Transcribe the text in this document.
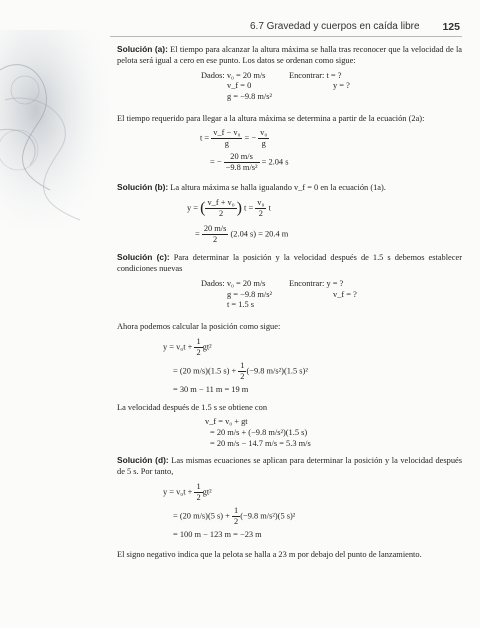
6.7 Gravedad y cuerpos en caída libre 125

Solución (a): El tiempo para alcanzar la altura máxima se halla tras reconocer que la velocidad de la pelota será igual a cero en ese punto. Los datos se ordenan como sigue:

Dados: v₀ = 20 m/s
v_f = 0
g = −9.8 m/s²
Encontrar: t = ?
y = ?

El tiempo requerido para llegar a la altura máxima se determina a partir de la ecuación (2a):

$t = \frac{\text{v\_f − v₀}}{g}$ = − $\frac{\text{v₀}}{g}$
= − $\frac{20 m/s}{\text{−9.8 m/s²}} = 2.04$ s

Solución (b): La altura máxima se halla igualando v_f = 0 en la ecuación (1a).

y = ( $\frac{\text{v\_f + v₀}}{2}$ ) $t = \frac{\text{v₀}}{2}$ t
= $\frac{20 m/s}{2} (2.04$ s) = 20.4 m

Solución (c): Para determinar la posición y la velocidad después de 1.5 s debemos establecer condiciones nuevas

Dados: v₀ = 20 m/s
g = −9.8 m/s²
t = 1.5 s
Encontrar: y = ?
v_f = ?

Ahora podemos calcular la posición como sigue:

$y = v_0t + \frac{1}{2} gt^2$
= (20 m/s)(1.5 $s) + \frac{1}{2} (-9.8$ m/s²)(1.5 s)²
= 30 m − 11 m = 19 m

La velocidad después de 1.5 s se obtiene con

v_f = v₀ + gt
= 20 m/s + (−9.8 m/s²)(1.5 s)
= 20 m/s − 14.7 m/s = 5.3 m/s

Solución (d): Las mismas ecuaciones se aplican para determinar la posición y la velocidad después de 5 s. Por tanto,

$y = v_0t + \frac{1}{2} gt^2$
= (20 m/s)(5 $s) + \frac{1}{2} (-9.8$ m/s²)(5 s)²
= 100 m − 123 m = −23 m

El signo negativo indica que la pelota se halla a 23 m por debajo del punto de lanzamiento.
